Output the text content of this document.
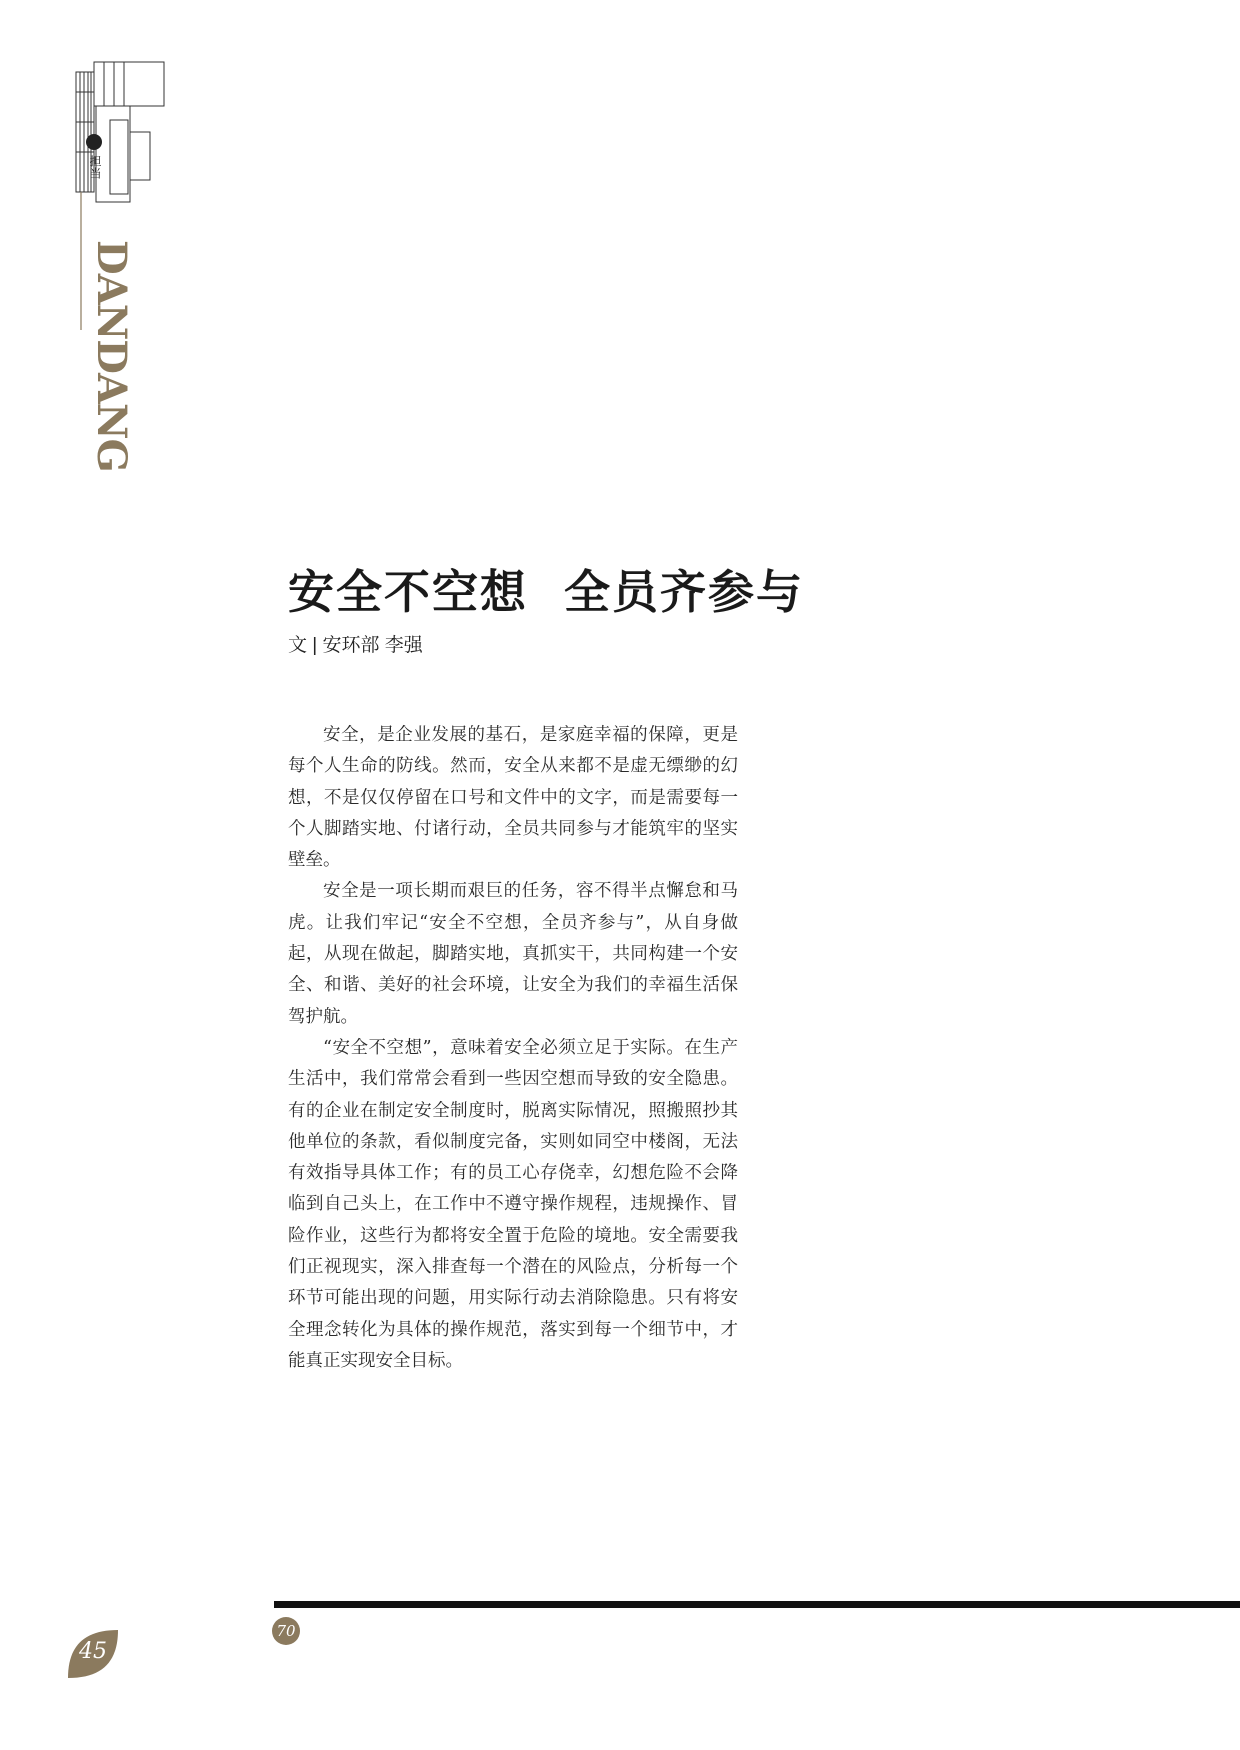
担当
DANDANG
安全不空想  全员齐参与
文 | 安环部 李强

安全，是企业发展的基石，是家庭幸福的保障，更是每个人生命的防线。然而，安全从来都不是虚无缥缈的幻想，不是仅仅停留在口号和文件中的文字，而是需要每一个人脚踏实地、付诸行动，全员共同参与才能筑牢的坚实壁垒。

安全是一项长期而艰巨的任务，容不得半点懈怠和马虎。让我们牢记“安全不空想，全员齐参与”，从自身做起，从现在做起，脚踏实地，真抓实干，共同构建一个安全、和谐、美好的社会环境，让安全为我们的幸福生活保驾护航。

“安全不空想”，意味着安全必须立足于实际。在生产生活中，我们常常会看到一些因空想而导致的安全隐患。有的企业在制定安全制度时，脱离实际情况，照搬照抄其他单位的条款，看似制度完备，实则如同空中楼阁，无法有效指导具体工作；有的员工心存侥幸，幻想危险不会降临到自己头上，在工作中不遵守操作规程，违规操作、冒险作业，这些行为都将安全置于危险的境地。安全需要我们正视现实，深入排查每一个潜在的风险点，分析每一个环节可能出现的问题，用实际行动去消除隐患。只有将安全理念转化为具体的操作规范，落实到每一个细节中，才能真正实现安全目标。

45
70
